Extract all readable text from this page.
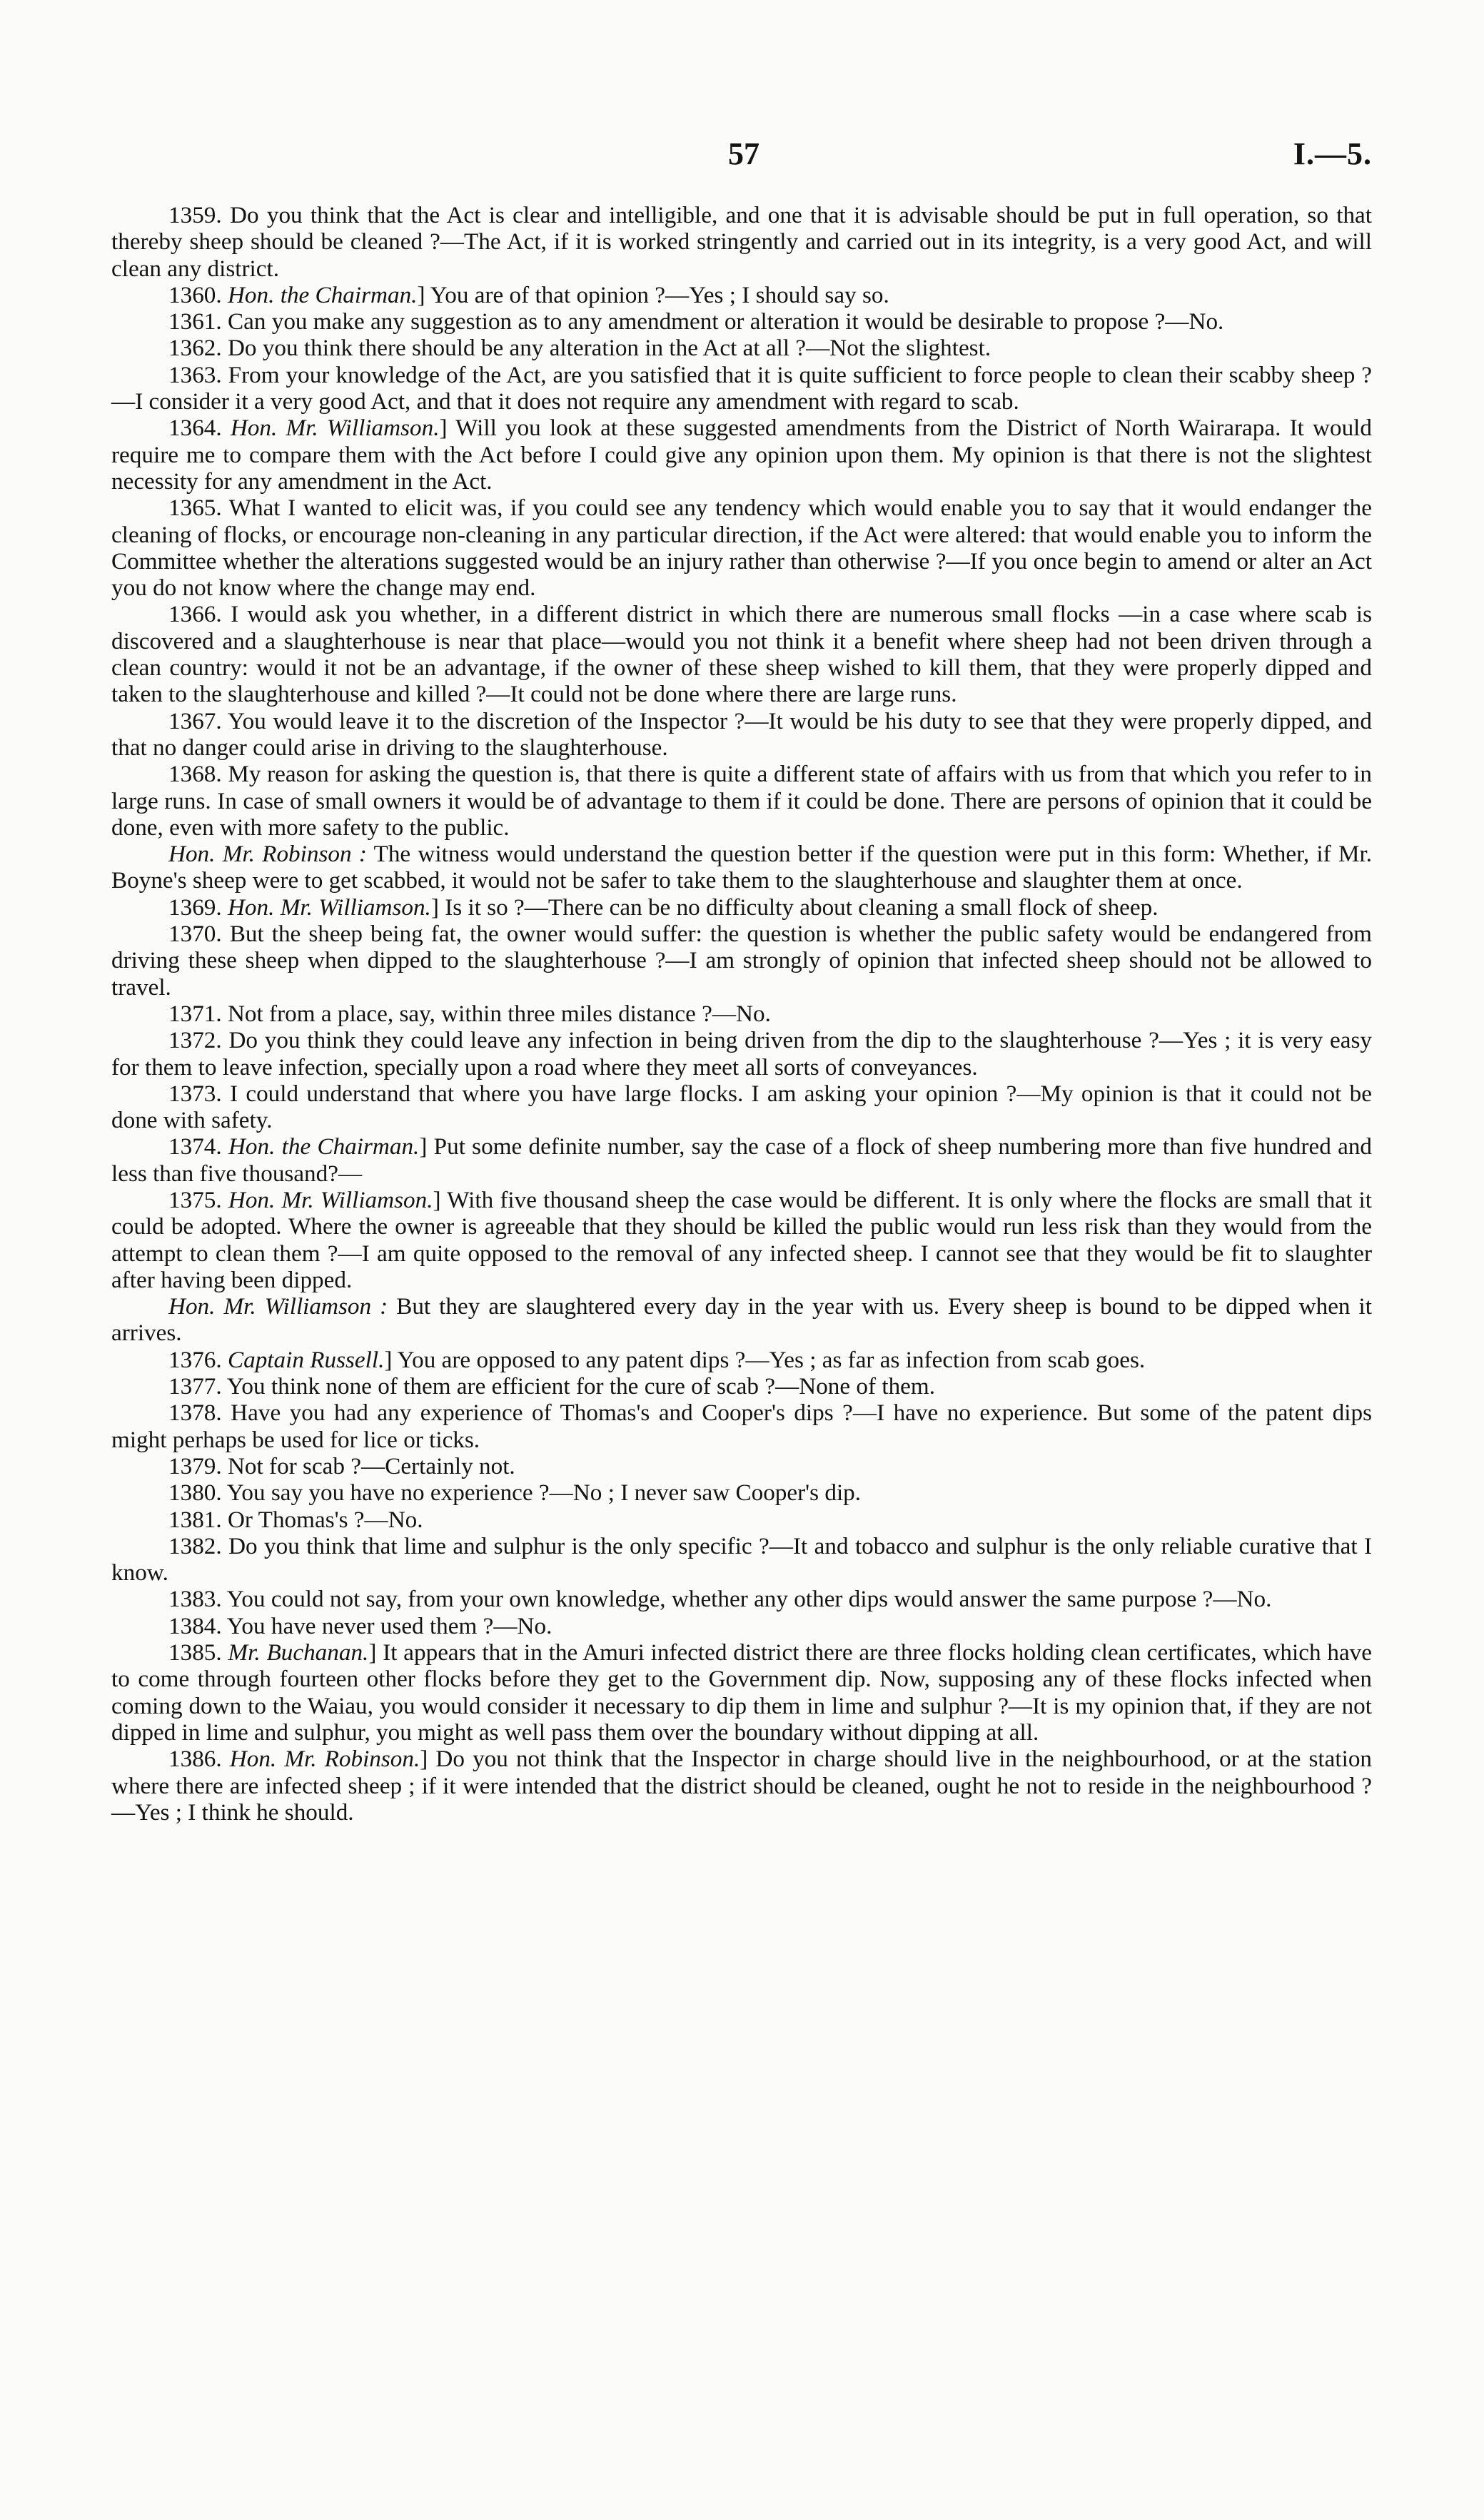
57	I.—5.

1359. Do you think that the Act is clear and intelligible, and one that it is advisable should be put in full operation, so that thereby sheep should be cleaned ?—The Act, if it is worked stringently and carried out in its integrity, is a very good Act, and will clean any district.

1360. Hon. the Chairman.] You are of that opinion ?—Yes ; I should say so.

1361. Can you make any suggestion as to any amendment or alteration it would be desirable to propose ?—No.

1362. Do you think there should be any alteration in the Act at all ?—Not the slightest.

1363. From your knowledge of the Act, are you satisfied that it is quite sufficient to force people to clean their scabby sheep ?—I consider it a very good Act, and that it does not require any amendment with regard to scab.

1364. Hon. Mr. Williamson.] Will you look at these suggested amendments from the District of North Wairarapa. It would require me to compare them with the Act before I could give any opinion upon them. My opinion is that there is not the slightest necessity for any amendment in the Act.

1365. What I wanted to elicit was, if you could see any tendency which would enable you to say that it would endanger the cleaning of flocks, or encourage non-cleaning in any particular direction, if the Act were altered: that would enable you to inform the Committee whether the alterations suggested would be an injury rather than otherwise ?—If you once begin to amend or alter an Act you do not know where the change may end.

1366. I would ask you whether, in a different district in which there are numerous small flocks —in a case where scab is discovered and a slaughterhouse is near that place—would you not think it a benefit where sheep had not been driven through a clean country: would it not be an advantage, if the owner of these sheep wished to kill them, that they were properly dipped and taken to the slaughterhouse and killed ?—It could not be done where there are large runs.

1367. You would leave it to the discretion of the Inspector ?—It would be his duty to see that they were properly dipped, and that no danger could arise in driving to the slaughterhouse.

1368. My reason for asking the question is, that there is quite a different state of affairs with us from that which you refer to in large runs. In case of small owners it would be of advantage to them if it could be done. There are persons of opinion that it could be done, even with more safety to the public.

Hon. Mr. Robinson : The witness would understand the question better if the question were put in this form: Whether, if Mr. Boyne's sheep were to get scabbed, it would not be safer to take them to the slaughterhouse and slaughter them at once.

1369. Hon. Mr. Williamson.] Is it so ?—There can be no difficulty about cleaning a small flock of sheep.

1370. But the sheep being fat, the owner would suffer: the question is whether the public safety would be endangered from driving these sheep when dipped to the slaughterhouse ?—I am strongly of opinion that infected sheep should not be allowed to travel.

1371. Not from a place, say, within three miles distance ?—No.

1372. Do you think they could leave any infection in being driven from the dip to the slaughterhouse ?—Yes ; it is very easy for them to leave infection, specially upon a road where they meet all sorts of conveyances.

1373. I could understand that where you have large flocks. I am asking your opinion ?—My opinion is that it could not be done with safety.

1374. Hon. the Chairman.] Put some definite number, say the case of a flock of sheep numbering more than five hundred and less than five thousand?—

1375. Hon. Mr. Williamson.] With five thousand sheep the case would be different. It is only where the flocks are small that it could be adopted. Where the owner is agreeable that they should be killed the public would run less risk than they would from the attempt to clean them ?—I am quite opposed to the removal of any infected sheep. I cannot see that they would be fit to slaughter after having been dipped.

Hon. Mr. Williamson : But they are slaughtered every day in the year with us. Every sheep is bound to be dipped when it arrives.

1376. Captain Russell.] You are opposed to any patent dips ?—Yes ; as far as infection from scab goes.

1377. You think none of them are efficient for the cure of scab ?—None of them.

1378. Have you had any experience of Thomas's and Cooper's dips ?—I have no experience. But some of the patent dips might perhaps be used for lice or ticks.

1379. Not for scab ?—Certainly not.

1380. You say you have no experience ?—No ; I never saw Cooper's dip.

1381. Or Thomas's ?—No.

1382. Do you think that lime and sulphur is the only specific ?—It and tobacco and sulphur is the only reliable curative that I know.

1383. You could not say, from your own knowledge, whether any other dips would answer the same purpose ?—No.

1384. You have never used them ?—No.

1385. Mr. Buchanan.] It appears that in the Amuri infected district there are three flocks holding clean certificates, which have to come through fourteen other flocks before they get to the Government dip. Now, supposing any of these flocks infected when coming down to the Waiau, you would consider it necessary to dip them in lime and sulphur ?—It is my opinion that, if they are not dipped in lime and sulphur, you might as well pass them over the boundary without dipping at all.

1386. Hon. Mr. Robinson.] Do you not think that the Inspector in charge should live in the neighbourhood, or at the station where there are infected sheep ; if it were intended that the district should be cleaned, ought he not to reside in the neighbourhood ?—Yes ; I think he should.
